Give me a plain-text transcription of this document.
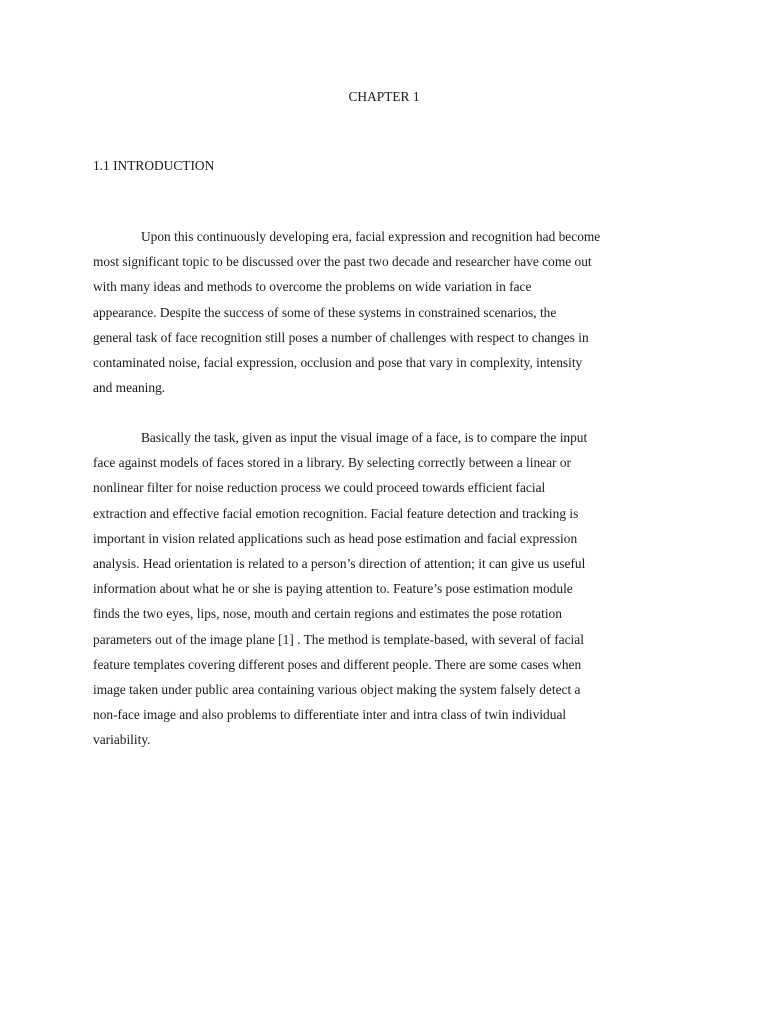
CHAPTER 1
1.1 INTRODUCTION
Upon this continuously developing era, facial expression and recognition had become
most significant topic to be discussed over the past two decade and researcher have come out
with many ideas and methods to overcome the problems on wide variation in face
appearance. Despite the success of some of these systems in constrained scenarios, the
general task of face recognition still poses a number of challenges with respect to changes in
contaminated noise, facial expression, occlusion and pose that vary in complexity, intensity
and meaning.
Basically the task, given as input the visual image of a face, is to compare the input
face against models of faces stored in a library. By selecting correctly between a linear or
nonlinear filter for noise reduction process we could proceed towards efficient facial
extraction and effective facial emotion recognition. Facial feature detection and tracking is
important in vision related applications such as head pose estimation and facial expression
analysis. Head orientation is related to a person’s direction of attention; it can give us useful
information about what he or she is paying attention to. Feature’s pose estimation module
finds the two eyes, lips, nose, mouth and certain regions and estimates the pose rotation
parameters out of the image plane [1] . The method is template-based, with several of facial
feature templates covering different poses and different people. There are some cases when
image taken under public area containing various object making the system falsely detect a
non-face image and also problems to differentiate inter and intra class of twin individual
variability.
